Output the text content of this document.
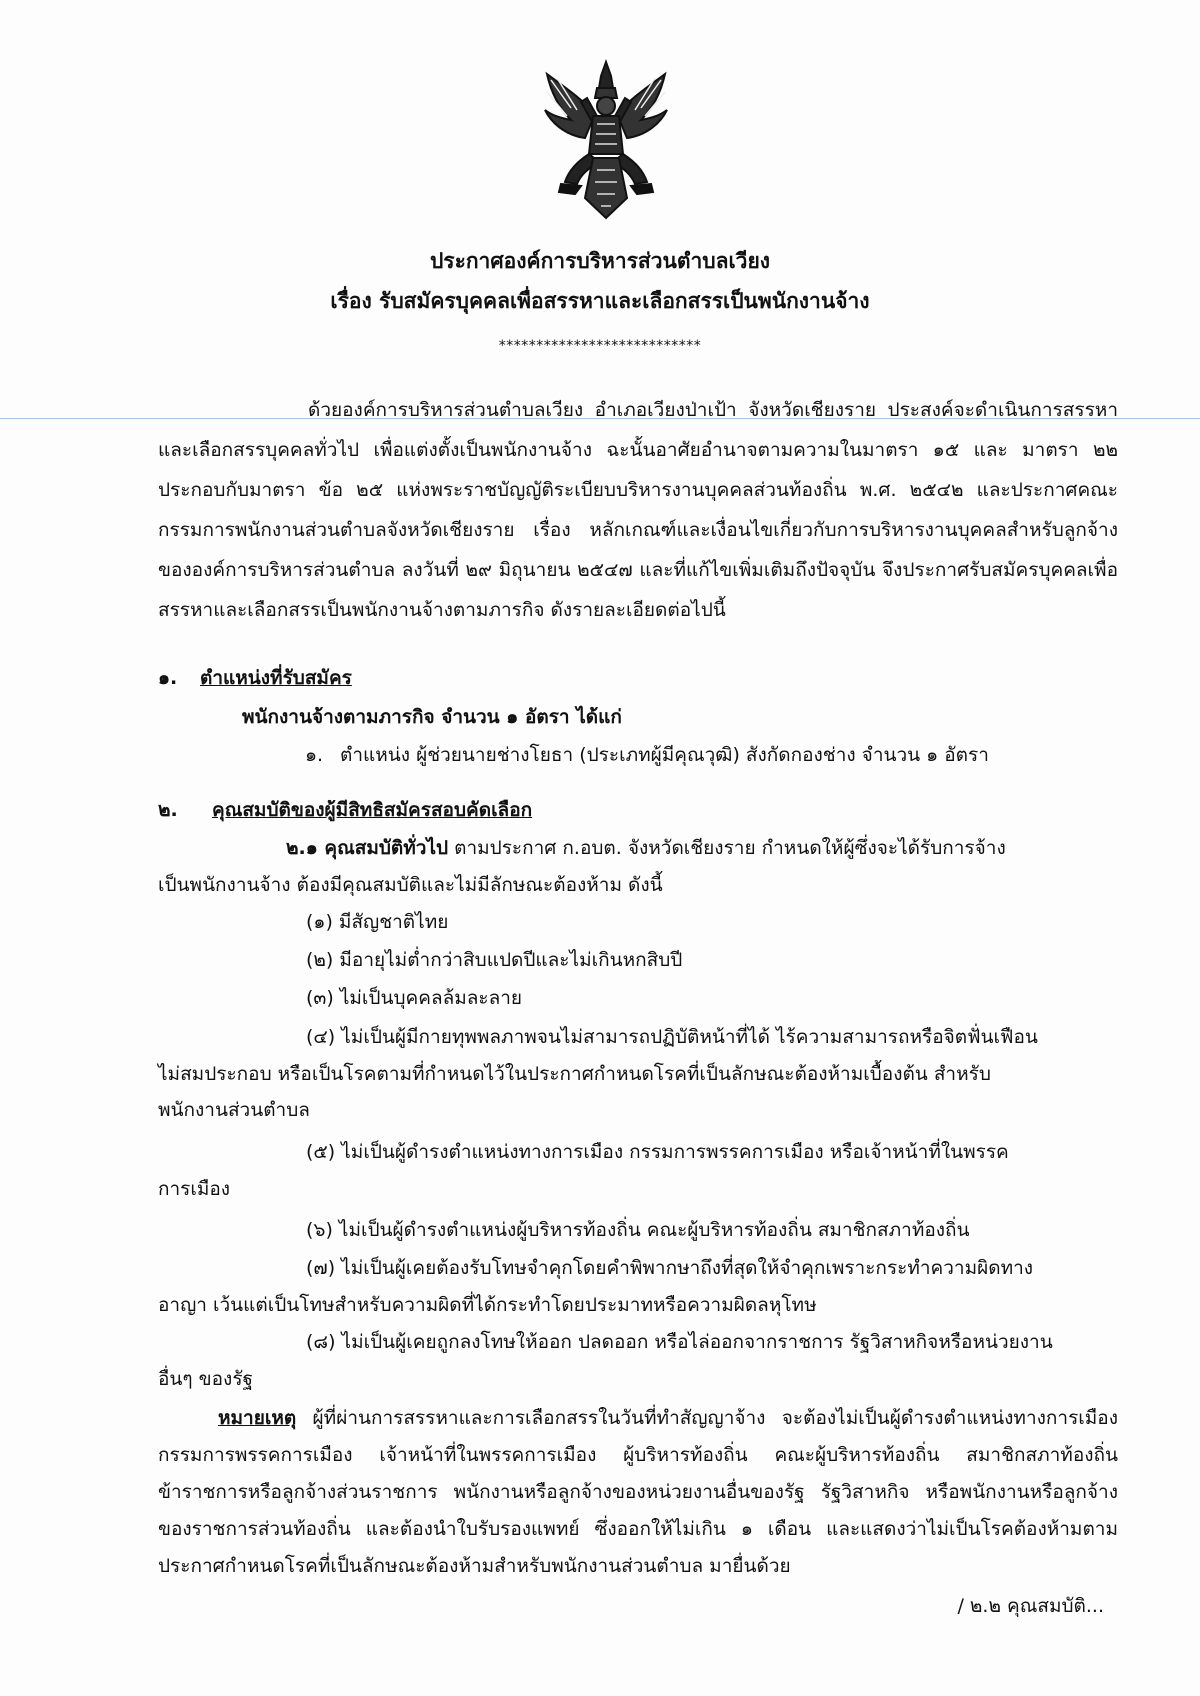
ประกาศองค์การบริหารส่วนตำบลเวียง
เรื่อง รับสมัครบุคคลเพื่อสรรหาและเลือกสรรเป็นพนักงานจ้าง
***************************
ด้วยองค์การบริหารส่วนตำบลเวียง อำเภอเวียงป่าเป้า จังหวัดเชียงราย ประสงค์จะดำเนินการสรรหาและเลือกสรรบุคคลทั่วไป เพื่อแต่งตั้งเป็นพนักงานจ้าง ฉะนั้นอาศัยอำนาจตามความในมาตรา ๑๕ และ มาตรา ๒๒ ประกอบกับมาตรา ข้อ ๒๕ แห่งพระราชบัญญัติระเบียบบริหารงานบุคคลส่วนท้องถิ่น พ.ศ. ๒๕๔๒ และประกาศคณะกรรมการพนักงานส่วนตำบลจังหวัดเชียงราย เรื่อง หลักเกณฑ์และเงื่อนไขเกี่ยวกับการบริหารงานบุคคลสำหรับลูกจ้างขององค์การบริหารส่วนตำบล ลงวันที่ ๒๙ มิถุนายน ๒๕๔๗ และที่แก้ไขเพิ่มเติมถึงปัจจุบัน จึงประกาศรับสมัครบุคคลเพื่อสรรหาและเลือกสรรเป็นพนักงานจ้างตามภารกิจ ดังรายละเอียดต่อไปนี้
๑. ตำแหน่งที่รับสมัคร
พนักงานจ้างตามภารกิจ จำนวน ๑ อัตรา ได้แก่
๑. ตำแหน่ง ผู้ช่วยนายช่างโยธา (ประเภทผู้มีคุณวุฒิ) สังกัดกองช่าง จำนวน ๑ อัตรา
๒. คุณสมบัติของผู้มีสิทธิสมัครสอบคัดเลือก
๒.๑ คุณสมบัติทั่วไป ตามประกาศ ก.อบต. จังหวัดเชียงราย กำหนดให้ผู้ซึ่งจะได้รับการจ้าง
เป็นพนักงานจ้าง ต้องมีคุณสมบัติและไม่มีลักษณะต้องห้าม ดังนี้
(๑) มีสัญชาติไทย
(๒) มีอายุไม่ต่ำกว่าสิบแปดปีและไม่เกินหกสิบปี
(๓) ไม่เป็นบุคคลล้มละลาย
(๔) ไม่เป็นผู้มีกายทุพพลภาพจนไม่สามารถปฏิบัติหน้าที่ได้ ไร้ความสามารถหรือจิตฟั่นเฟือน
ไม่สมประกอบ หรือเป็นโรคตามที่กำหนดไว้ในประกาศกำหนดโรคที่เป็นลักษณะต้องห้ามเบื้องต้น สำหรับ
พนักงานส่วนตำบล
(๕) ไม่เป็นผู้ดำรงตำแหน่งทางการเมือง กรรมการพรรคการเมือง หรือเจ้าหน้าที่ในพรรค
การเมือง
(๖) ไม่เป็นผู้ดำรงตำแหน่งผู้บริหารท้องถิ่น คณะผู้บริหารท้องถิ่น สมาชิกสภาท้องถิ่น
(๗) ไม่เป็นผู้เคยต้องรับโทษจำคุกโดยคำพิพากษาถึงที่สุดให้จำคุกเพราะกระทำความผิดทาง
อาญา เว้นแต่เป็นโทษสำหรับความผิดที่ได้กระทำโดยประมาทหรือความผิดลหุโทษ
(๘) ไม่เป็นผู้เคยถูกลงโทษให้ออก ปลดออก หรือไล่ออกจากราชการ รัฐวิสาหกิจหรือหน่วยงาน
อื่นๆ ของรัฐ
หมายเหตุ ผู้ที่ผ่านการสรรหาและการเลือกสรรในวันที่ทำสัญญาจ้าง จะต้องไม่เป็นผู้ดำรงตำแหน่งทางการเมือง กรรมการพรรคการเมือง เจ้าหน้าที่ในพรรคการเมือง ผู้บริหารท้องถิ่น คณะผู้บริหารท้องถิ่น สมาชิกสภาท้องถิ่น ข้าราชการหรือลูกจ้างส่วนราชการ พนักงานหรือลูกจ้างของหน่วยงานอื่นของรัฐ รัฐวิสาหกิจ หรือพนักงานหรือลูกจ้างของราชการส่วนท้องถิ่น และต้องนำใบรับรองแพทย์ ซึ่งออกให้ไม่เกิน ๑ เดือน และแสดงว่าไม่เป็นโรคต้องห้ามตามประกาศกำหนดโรคที่เป็นลักษณะต้องห้ามสำหรับพนักงานส่วนตำบล มายื่นด้วย
/ ๒.๒ คุณสมบัติ...
